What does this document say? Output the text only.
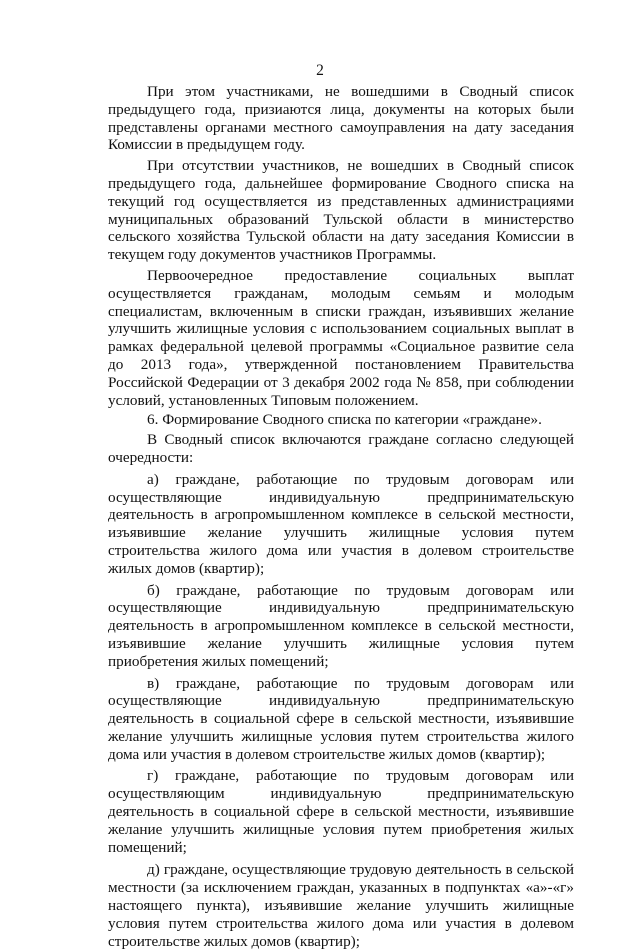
2

При этом участниками, не вошедшими в Сводный список предыдущего года, призиаются лица, документы на которых были представлены органами местного самоуправления на дату заседания Комиссии в предыдущем году.

При отсутствии участников, не вошедших в Сводный список предыдущего года, дальнейшее формирование Сводного списка на текущий год осуществляется из представленных администрациями муниципальных образований Тульской области в министерство сельского хозяйства Тульской области на дату заседания Комиссии в текущем году документов участников Программы.

Первоочередное предоставление социальных выплат осуществляется гражданам, молодым семьям и молодым специалистам, включенным в списки граждан, изъявивших желание улучшить жилищные условия с использованием социальных выплат в рамках федеральной целевой программы «Социальное развитие села до 2013 года», утвержденной постановлением Правительства Российской Федерации от 3 декабря 2002 года № 858, при соблюдении условий, установленных Типовым положением.

6. Формирование Сводного списка по категории «граждане».

В Сводный список включаются граждане согласно следующей очередности:

а) граждане, работающие по трудовым договорам или осуществляющие индивидуальную предпринимательскую деятельность в агропромышленном комплексе в сельской местности, изъявившие желание улучшить жилищные условия путем строительства жилого дома или участия в долевом строительстве жилых домов (квартир);

б) граждане, работающие по трудовым договорам или осуществляющие индивидуальную предпринимательскую деятельность в агропромышленном комплексе в сельской местности, изъявившие желание улучшить жилищные условия путем приобретения жилых помещений;

в) граждане, работающие по трудовым договорам или осуществляющие индивидуальную предпринимательскую деятельность в социальной сфере в сельской местности, изъявившие желание улучшить жилищные условия путем строительства жилого дома или участия в долевом строительстве жилых домов (квартир);

г) граждане, работающие по трудовым договорам или осуществляющим индивидуальную предпринимательскую деятельность в социальной сфере в сельской местности, изъявившие желание улучшить жилищные условия путем приобретения жилых помещений;

д) граждане, осуществляющие трудовую деятельность в сельской местности (за исключением граждан, указанных в подпунктах «а»-«г» настоящего пункта), изъявившие желание улучшить жилищные условия путем строительства жилого дома или участия в долевом строительстве жилых домов (квартир);
